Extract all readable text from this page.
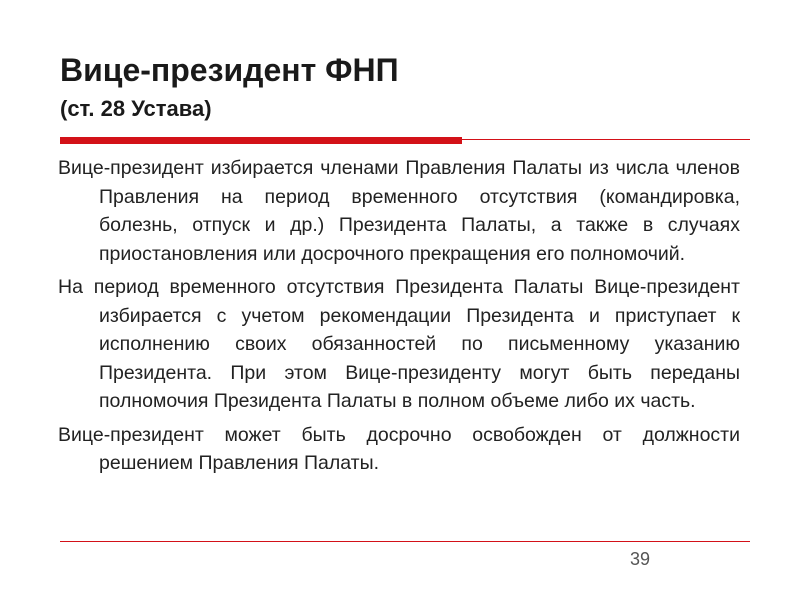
Вице-президент ФНП
(ст. 28 Устава)
Вице-президент избирается членами Правления Палаты из числа членов Правления на период временного отсутствия (командировка, болезнь, отпуск и др.) Президента Палаты, а также в случаях приостановления или досрочного прекращения его полномочий.
На период временного отсутствия Президента Палаты Вице-президент избирается с учетом рекомендации Президента и приступает к исполнению своих обязанностей по письменному указанию Президента. При этом Вице-президенту могут быть переданы полномочия Президента Палаты в полном объеме либо их часть.
Вице-президент может быть досрочно освобожден от должности решением Правления Палаты.
39
